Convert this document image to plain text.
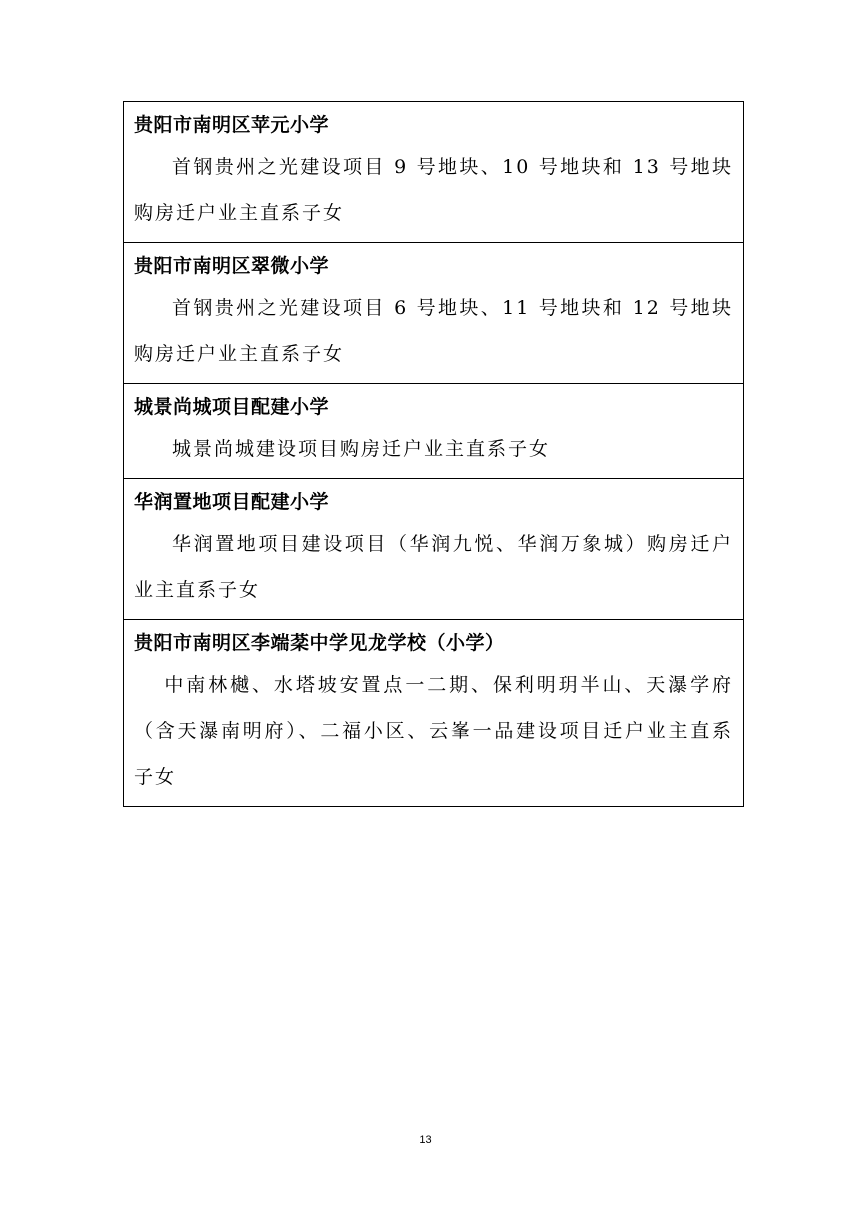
贵阳市南明区苹元小学

首钢贵州之光建设项目 9 号地块、10 号地块和 13 号地块购房迁户业主直系子女

贵阳市南明区翠微小学

首钢贵州之光建设项目 6 号地块、11 号地块和 12 号地块购房迁户业主直系子女

城景尚城项目配建小学

城景尚城建设项目购房迁户业主直系子女

华润置地项目配建小学

华润置地项目建设项目（华润九悦、华润万象城）购房迁户业主直系子女

贵阳市南明区李端棻中学见龙学校（小学）

中南林樾、水塔坡安置点一二期、保利明玥半山、天瀑学府（含天瀑南明府）、二福小区、云峯一品建设项目迁户业主直系子女

13
